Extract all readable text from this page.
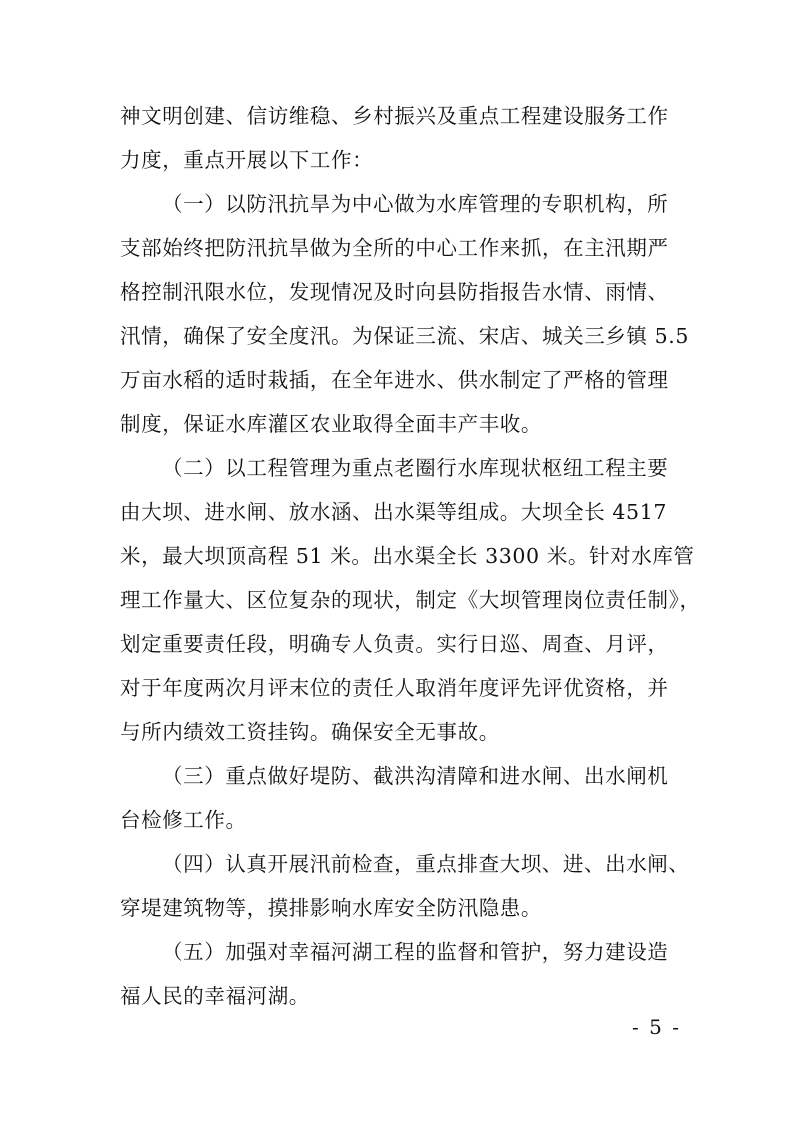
神文明创建、信访维稳、乡村振兴及重点工程建设服务工作
力度，重点开展以下工作：
（一）以防汛抗旱为中心做为水库管理的专职机构，所
支部始终把防汛抗旱做为全所的中心工作来抓，在主汛期严
格控制汛限水位，发现情况及时向县防指报告水情、雨情、
汛情，确保了安全度汛。为保证三流、宋店、城关三乡镇 5.5
万亩水稻的适时栽插，在全年进水、供水制定了严格的管理
制度，保证水库灌区农业取得全面丰产丰收。
（二）以工程管理为重点老圈行水库现状枢纽工程主要
由大坝、进水闸、放水涵、出水渠等组成。大坝全长 4517
米，最大坝顶高程 51 米。出水渠全长 3300 米。针对水库管
理工作量大、区位复杂的现状，制定《大坝管理岗位责任制》，
划定重要责任段，明确专人负责。实行日巡、周查、月评，
对于年度两次月评末位的责任人取消年度评先评优资格，并
与所内绩效工资挂钩。确保安全无事故。
（三）重点做好堤防、截洪沟清障和进水闸、出水闸机
台检修工作。
（四）认真开展汛前检查，重点排查大坝、进、出水闸、
穿堤建筑物等，摸排影响水库安全防汛隐患。
（五）加强对幸福河湖工程的监督和管护，努力建设造
福人民的幸福河湖。
- 5 -
